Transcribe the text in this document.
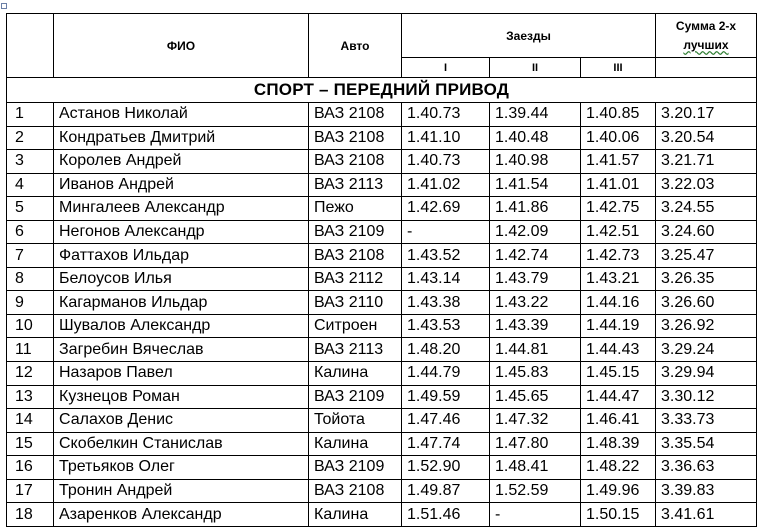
	ФИО	Авто	Заезды			Сумма 2-х
лучших

			I	II	III	
СПОРТ – ПЕРЕДНИЙ ПРИВОД						
1	Астанов Николай	ВАЗ 2108	1.40.73	1.39.44	1.40.85	3.20.17
2	Кондратьев Дмитрий	ВАЗ 2108	1.41.10	1.40.48	1.40.06	3.20.54
3	Королев Андрей	ВАЗ 2108	1.40.73	1.40.98	1.41.57	3.21.71
4	Иванов Андрей	ВАЗ 2113	1.41.02	1.41.54	1.41.01	3.22.03
5	Мингалеев Александр	Пежо	1.42.69	1.41.86	1.42.75	3.24.55
6	Негонов Александр	ВАЗ 2109	-	1.42.09	1.42.51	3.24.60
7	Фаттахов Ильдар	ВАЗ 2108	1.43.52	1.42.74	1.42.73	3.25.47
8	Белоусов Илья	ВАЗ 2112	1.43.14	1.43.79	1.43.21	3.26.35
9	Кагарманов Ильдар	ВАЗ 2110	1.43.38	1.43.22	1.44.16	3.26.60
10	Шувалов Александр	Ситроен	1.43.53	1.43.39	1.44.19	3.26.92
11	Загребин Вячеслав	ВАЗ 2113	1.48.20	1.44.81	1.44.43	3.29.24
12	Назаров Павел	Калина	1.44.79	1.45.83	1.45.15	3.29.94
13	Кузнецов Роман	ВАЗ 2109	1.49.59	1.45.65	1.44.47	3.30.12
14	Салахов Денис	Тойота	1.47.46	1.47.32	1.46.41	3.33.73
15	Скобелкин Станислав	Калина	1.47.74	1.47.80	1.48.39	3.35.54
16	Третьяков Олег	ВАЗ 2109	1.52.90	1.48.41	1.48.22	3.36.63
17	Тронин Андрей	ВАЗ 2108	1.49.87	1.52.59	1.49.96	3.39.83
18	Азаренков Александр	Калина	1.51.46	-	1.50.15	3.41.61
